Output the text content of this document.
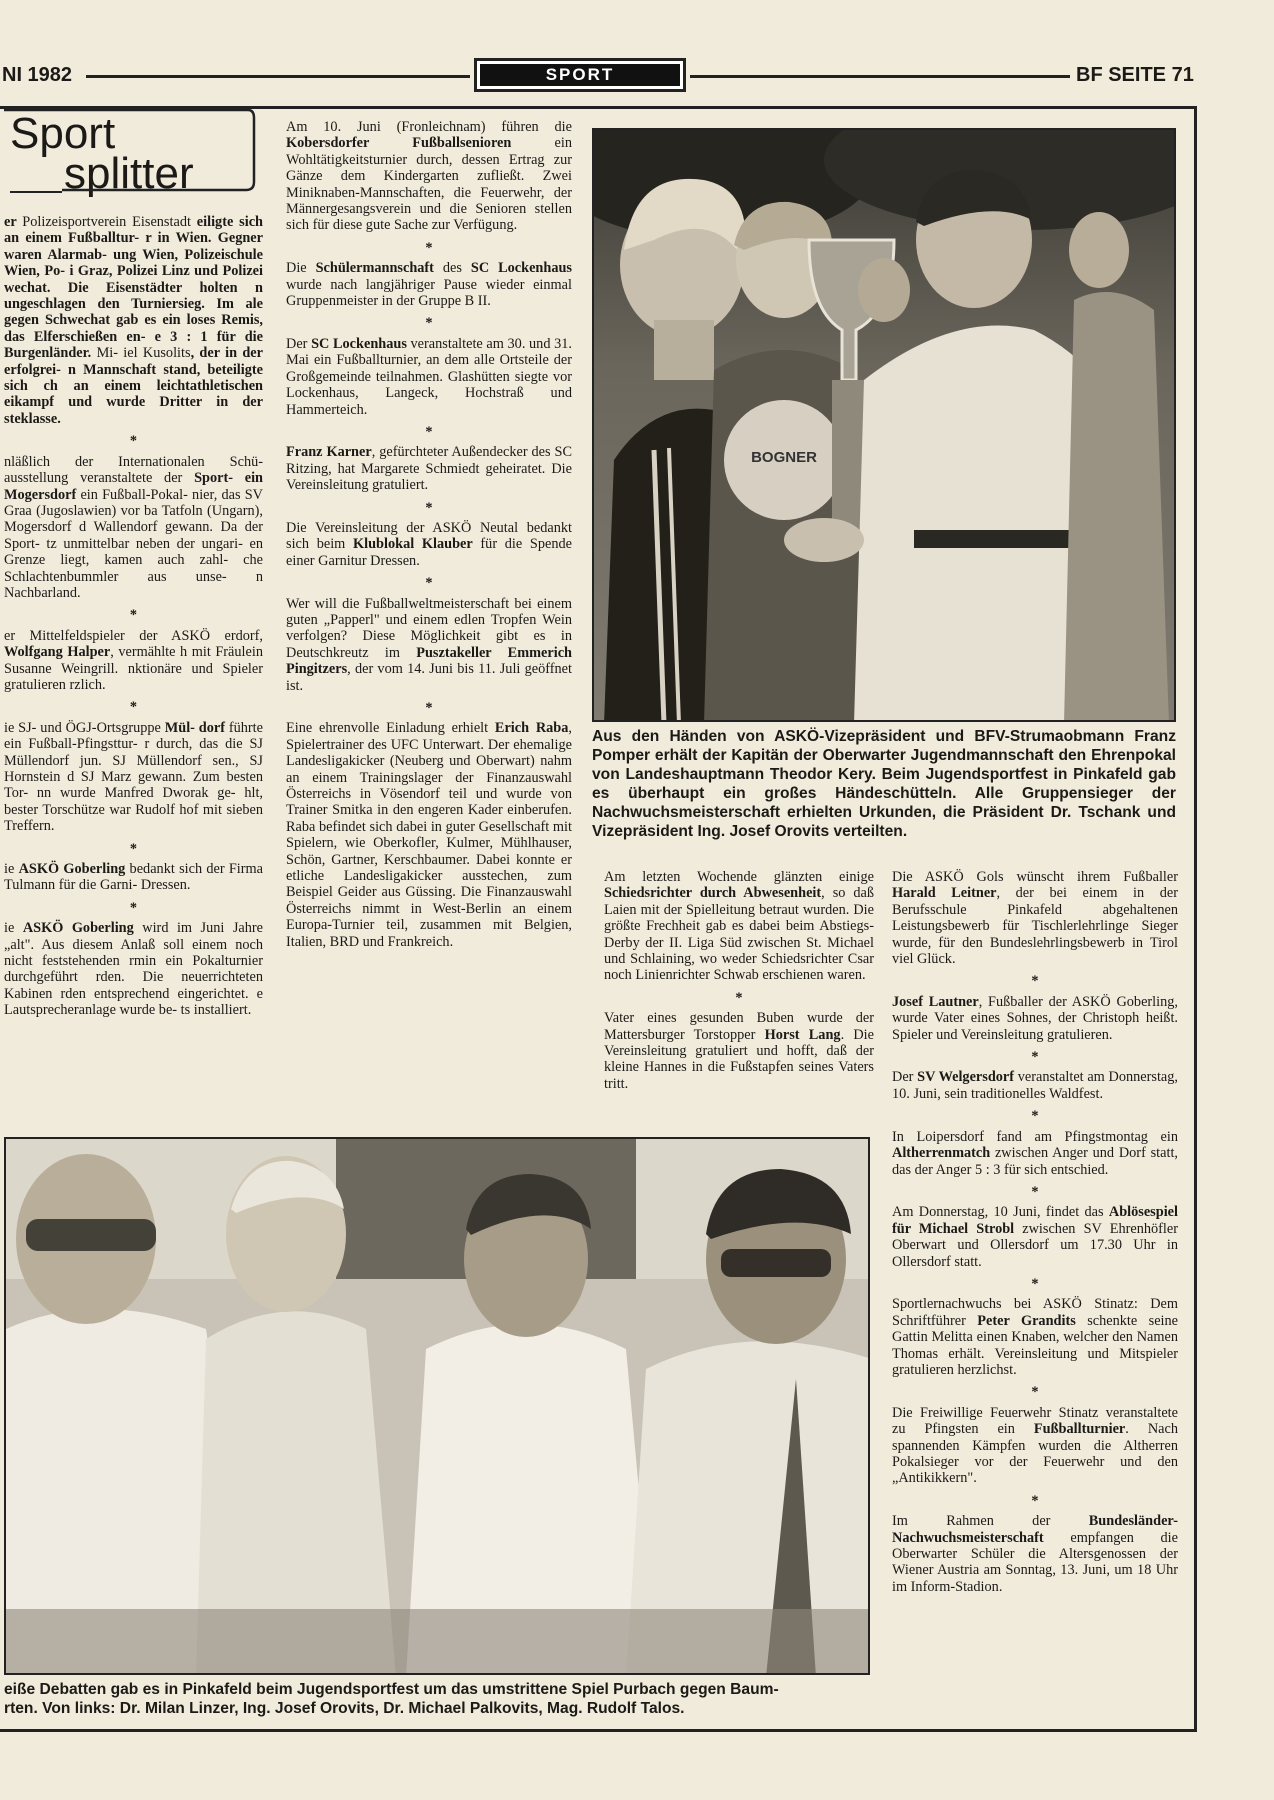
NI 1982	SPORT	BF SEITE 71
Sport
splitter

er Polizeisportverein Eisenstadt eiligte sich an einem Fußballtur- r in Wien. Gegner waren Alarmab- ung Wien, Polizeischule Wien, Po- i Graz, Polizei Linz und Polizei wechat. Die Eisenstädter holten n ungeschlagen den Turniersieg. Im ale gegen Schwechat gab es ein loses Remis, das Elferschießen en- e 3 : 1 für die Burgenländer. Mi- iel Kusolits, der in der erfolgrei- n Mannschaft stand, beteiligte sich ch an einem leichtathletischen eikampf und wurde Dritter in der steklasse.

*

nläßlich der Internationalen Schü- ausstellung veranstaltete der Sport- ein Mogersdorf ein Fußball-Pokal- nier, das SV Graa (Jugoslawien) vor ba Tatfoln (Ungarn), Mogersdorf d Wallendorf gewann. Da der Sport- tz unmittelbar neben der ungari- en Grenze liegt, kamen auch zahl- che Schlachtenbummler aus unse- n Nachbarland.

*

er Mittelfeldspieler der ASKÖ erdorf, Wolfgang Halper, vermählte h mit Fräulein Susanne Weingrill. nktionäre und Spieler gratulieren rzlich.

*

ie SJ- und ÖGJ-Ortsgruppe Mül- dorf führte ein Fußball-Pfingsttur- r durch, das die SJ Müllendorf jun. SJ Müllendorf sen., SJ Hornstein d SJ Marz gewann. Zum besten Tor- nn wurde Manfred Dworak ge- hlt, bester Torschütze war Rudolf hof mit sieben Treffern.

*

ie ASKÖ Goberling bedankt sich der Firma Tulmann für die Garni- Dressen.

*

ie ASKÖ Goberling wird im Juni Jahre „alt". Aus diesem Anlaß soll einem noch nicht feststehenden rmin ein Pokalturnier durchgeführt rden. Die neuerrichteten Kabinen rden entsprechend eingerichtet. e Lautsprecheranlage wurde be- ts installiert.

Am 10. Juni (Fronleichnam) führen die Kobersdorfer Fußballsenioren ein Wohltätigkeitsturnier durch, dessen Ertrag zur Gänze dem Kindergarten zufließt. Zwei Miniknaben-Mannschaften, die Feuerwehr, der Männergesangsverein und die Senioren stellen sich für diese gute Sache zur Verfügung.

*

Die Schülermannschaft des SC Lockenhaus wurde nach langjähriger Pause wieder einmal Gruppenmeister in der Gruppe B II.

*

Der SC Lockenhaus veranstaltete am 30. und 31. Mai ein Fußballturnier, an dem alle Ortsteile der Großgemeinde teilnahmen. Glashütten siegte vor Lockenhaus, Langeck, Hochstraß und Hammerteich.

*

Franz Karner, gefürchteter Außendecker des SC Ritzing, hat Margarete Schmiedt geheiratet. Die Vereinsleitung gratuliert.

*

Die Vereinsleitung der ASKÖ Neutal bedankt sich beim Klublokal Klauber für die Spende einer Garnitur Dressen.

*

Wer will die Fußballweltmeisterschaft bei einem guten „Papperl" und einem edlen Tropfen Wein verfolgen? Diese Möglichkeit gibt es in Deutschkreutz im Pusztakeller Emmerich Pingitzers, der vom 14. Juni bis 11. Juli geöffnet ist.

*

Eine ehrenvolle Einladung erhielt Erich Raba, Spielertrainer des UFC Unterwart. Der ehemalige Landesligakicker (Neuberg und Oberwart) nahm an einem Trainingslager der Finanzauswahl Österreichs in Vösendorf teil und wurde von Trainer Smitka in den engeren Kader einberufen. Raba befindet sich dabei in guter Gesellschaft mit Spielern, wie Oberkofler, Kulmer, Mühlhauser, Schön, Gartner, Kerschbaumer. Dabei konnte er etliche Landesligakicker ausstechen, zum Beispiel Geider aus Güssing. Die Finanzauswahl Österreichs nimmt in West-Berlin an einem Europa-Turnier teil, zusammen mit Belgien, Italien, BRD und Frankreich.

BOGNER
Aus den Händen von ASKÖ-Vizepräsident und BFV-Strumaobmann Franz Pomper erhält der Kapitän der Oberwarter Jugendmannschaft den Ehrenpokal von Landeshauptmann Theodor Kery. Beim Jugendsportfest in Pinkafeld gab es überhaupt ein großes Händeschütteln. Alle Gruppensieger der Nachwuchsmeisterschaft erhielten Urkunden, die Präsident Dr. Tschank und Vizepräsident Ing. Josef Orovits verteilten.

Am letzten Wochende glänzten einige Schiedsrichter durch Abwesenheit, so daß Laien mit der Spielleitung betraut wurden. Die größte Frechheit gab es dabei beim Abstiegs-Derby der II. Liga Süd zwischen St. Michael und Schlaining, wo weder Schiedsrichter Csar noch Linienrichter Schwab erschienen waren.

*

Vater eines gesunden Buben wurde der Mattersburger Torstopper Horst Lang. Die Vereinsleitung gratuliert und hofft, daß der kleine Hannes in die Fußstapfen seines Vaters tritt.

Die ASKÖ Gols wünscht ihrem Fußballer Harald Leitner, der bei einem in der Berufsschule Pinkafeld abgehaltenen Leistungsbewerb für Tischlerlehrlinge Sieger wurde, für den Bundeslehrlingsbewerb in Tirol viel Glück.

*

Josef Lautner, Fußballer der ASKÖ Goberling, wurde Vater eines Sohnes, der Christoph heißt. Spieler und Vereinsleitung gratulieren.

*

Der SV Welgersdorf veranstaltet am Donnerstag, 10. Juni, sein traditionelles Waldfest.

*

In Loipersdorf fand am Pfingstmontag ein Altherrenmatch zwischen Anger und Dorf statt, das der Anger 5 : 3 für sich entschied.

*

Am Donnerstag, 10 Juni, findet das Ablösespiel für Michael Strobl zwischen SV Ehrenhöfler Oberwart und Ollersdorf um 17.30 Uhr in Ollersdorf statt.

*

Sportlernachwuchs bei ASKÖ Stinatz: Dem Schriftführer Peter Grandits schenkte seine Gattin Melitta einen Knaben, welcher den Namen Thomas erhält. Vereinsleitung und Mitspieler gratulieren herzlichst.

*

Die Freiwillige Feuerwehr Stinatz veranstaltete zu Pfingsten ein Fußballturnier. Nach spannenden Kämpfen wurden die Altherren Pokalsieger vor der Feuerwehr und den „Antikikkern".

*

Im Rahmen der Bundesländer-Nachwuchsmeisterschaft empfangen die Oberwarter Schüler die Altersgenossen der Wiener Austria am Sonntag, 13. Juni, um 18 Uhr im Inform-Stadion.

eiße Debatten gab es in Pinkafeld beim Jugendsportfest um das umstrittene Spiel Purbach gegen Baum-
rten. Von links: Dr. Milan Linzer, Ing. Josef Orovits, Dr. Michael Palkovits, Mag. Rudolf Talos.
